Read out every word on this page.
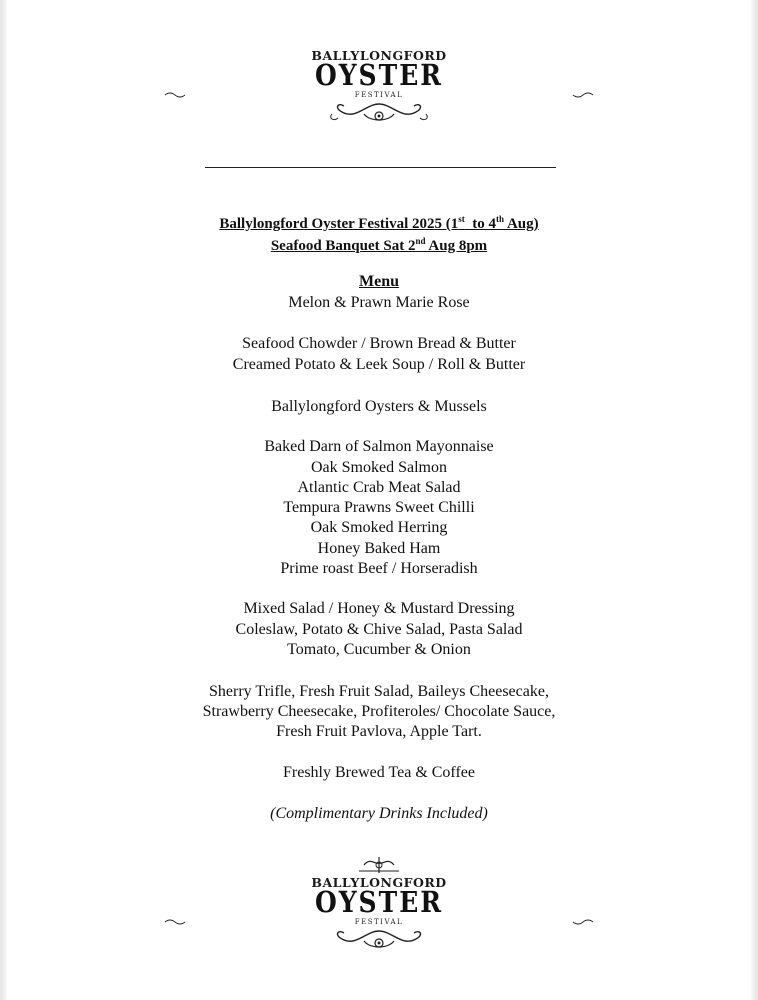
BALLYLONGFORD
OYSTER
FESTIVAL
Ballylongford Oyster Festival 2025 (1st  to 4th Aug)
Seafood Banquet Sat 2nd Aug 8pm
Menu
Melon & Prawn Marie Rose
Seafood Chowder / Brown Bread & Butter
Creamed Potato & Leek Soup / Roll & Butter
Ballylongford Oysters & Mussels
Baked Darn of Salmon Mayonnaise
Oak Smoked Salmon
Atlantic Crab Meat Salad
Tempura Prawns Sweet Chilli
Oak Smoked Herring
Honey Baked Ham
Prime roast Beef / Horseradish
Mixed Salad / Honey & Mustard Dressing
Coleslaw, Potato & Chive Salad, Pasta Salad
Tomato, Cucumber & Onion
Sherry Trifle, Fresh Fruit Salad, Baileys Cheesecake,
Strawberry Cheesecake, Profiteroles/ Chocolate Sauce,
Fresh Fruit Pavlova, Apple Tart.
Freshly Brewed Tea & Coffee
(Complimentary Drinks Included)
BALLYLONGFORD
OYSTER
FESTIVAL
